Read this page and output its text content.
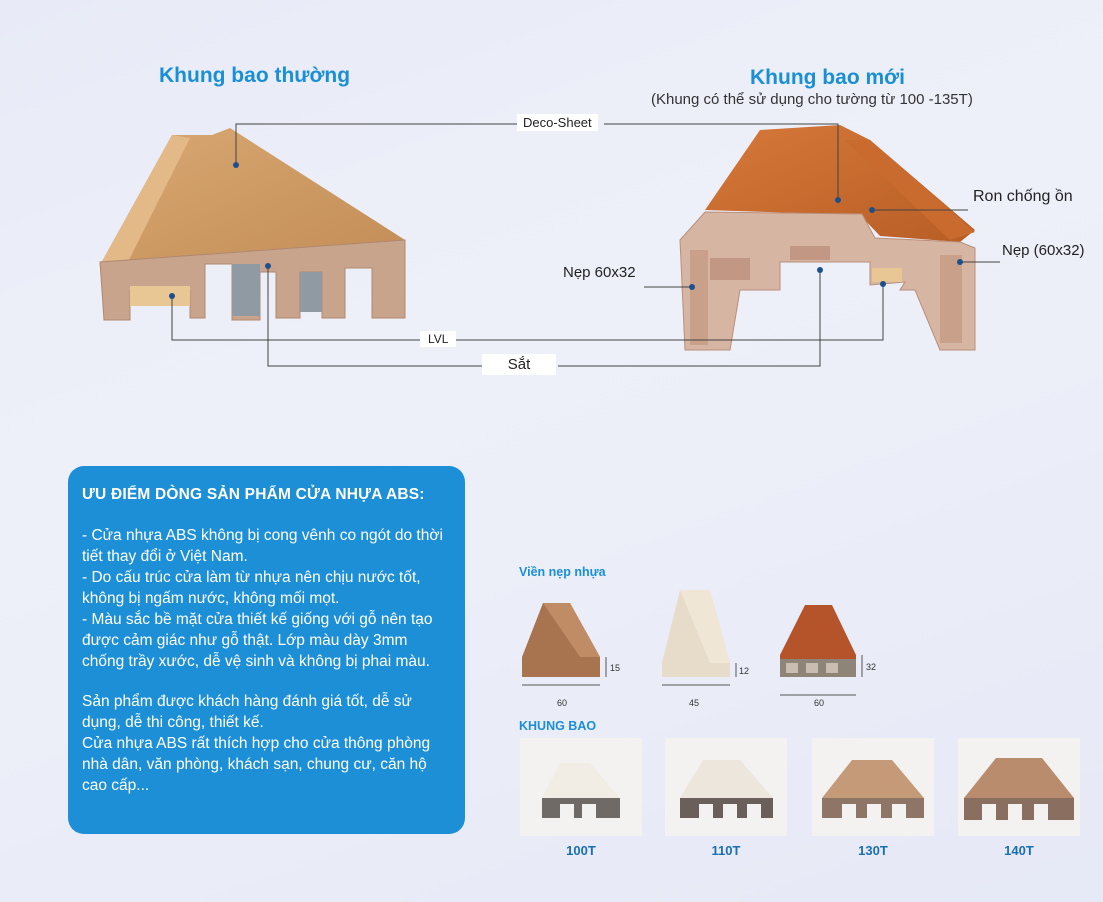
Khung bao thường	Khung bao mới
(Khung có thể sử dụng cho tường từ 100 -135T)
Deco-Sheet
Ron chống ồn
Nẹp (60x32)
Nẹp 60x32
LVL
Sắt
ƯU ĐIỂM DÒNG SẢN PHẨM CỬA NHỰA ABS:

- Cửa nhựa ABS không bị cong vênh co ngót do thời tiết thay đổi ở Việt Nam.

- Do cấu trúc cửa làm từ nhựa nên chịu nước tốt, không bị ngấm nước, không mối mọt.

- Màu sắc bề mặt cửa thiết kế giống với gỗ nên tạo được cảm giác như gỗ thật. Lớp màu dày 3mm chống trầy xước, dễ vệ sinh và không bị phai màu.

Sản phẩm được khách hàng đánh giá tốt, dễ sử dụng, dễ thi công, thiết kế.

Cửa nhựa ABS rất thích hợp cho cửa thông phòng nhà dân, văn phòng, khách sạn, chung cư, căn hộ cao cấp...

Viền nẹp nhựa
60
15
45
12
60
32
KHUNG BAO
100T	110T	130T	140T
